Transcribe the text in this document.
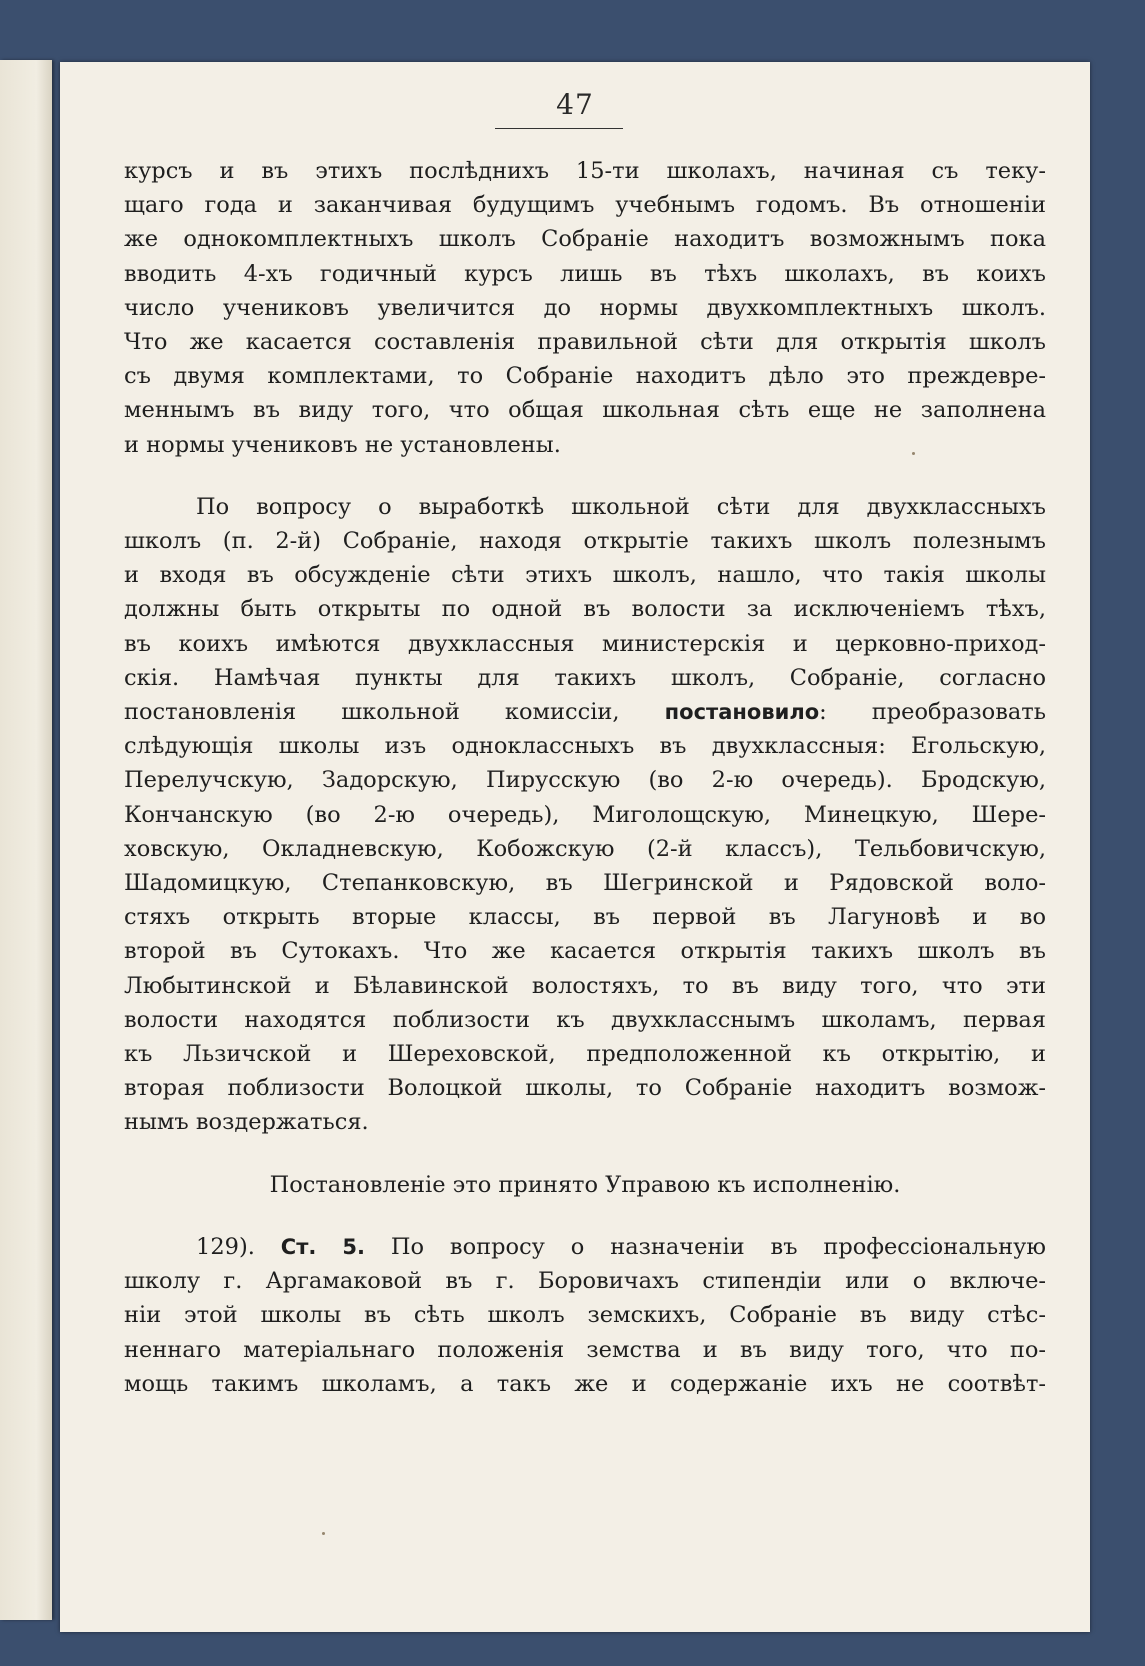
47
курсъ и въ этихъ послѣднихъ 15-ти школахъ, начиная съ теку-
щаго года и заканчивая будущимъ учебнымъ годомъ. Въ отношеніи
же однокомплектныхъ школъ Собраніе находитъ возможнымъ пока
вводить 4-хъ годичный курсъ лишь въ тѣхъ школахъ, въ коихъ
число учениковъ увеличится до нормы двухкомплектныхъ школъ.
Что же касается составленія правильной сѣти для открытія школъ
съ двумя комплектами, то Собраніе находитъ дѣло это преждевре-
меннымъ въ виду того, что общая школьная сѣть еще не заполнена
и нормы учениковъ не установлены.
По вопросу о выработкѣ школьной сѣти для двухклассныхъ
школъ (п. 2-й) Собраніе, находя открытіе такихъ школъ полезнымъ
и входя въ обсужденіе сѣти этихъ школъ, нашло, что такія школы
должны быть открыты по одной въ волости за исключеніемъ тѣхъ,
въ коихъ имѣются двухклассныя министерскія и церковно-приход-
скія. Намѣчая пункты для такихъ школъ, Собраніе, согласно
постановленія школьной комиссіи, постановило: преобразовать
слѣдующія школы изъ одноклассныхъ въ двухклассныя: Егольскую,
Перелучскую, Задорскую, Пирусскую (во 2-ю очередь). Бродскую,
Кончанскую (во 2-ю очередь), Миголощскую, Минецкую, Шере-
ховскую, Окладневскую, Кобожскую (2-й классъ), Тельбовичскую,
Шадомицкую, Степанковскую, въ Шегринской и Рядовской воло-
стяхъ открыть вторые классы, въ первой въ Лагуновѣ и во
второй въ Сутокахъ. Что же касается открытія такихъ школъ въ
Любытинской и Бѣлавинской волостяхъ, то въ виду того, что эти
волости находятся поблизости къ двухкласснымъ школамъ, первая
къ Льзичской и Шереховской, предположенной къ открытію, и
вторая поблизости Волоцкой школы, то Собраніе находитъ возмож-
нымъ воздержаться.
Постановленіе это принято Управою къ исполненію.
129). Ст. 5. По вопросу о назначеніи въ профессіональную
школу г. Аргамаковой въ г. Боровичахъ стипендіи или о включе-
ніи этой школы въ сѣть школъ земскихъ, Собраніе въ виду стѣс-
неннаго матеріальнаго положенія земства и въ виду того, что по-
мощь такимъ школамъ, а такъ же и содержаніе ихъ не соотвѣт-
